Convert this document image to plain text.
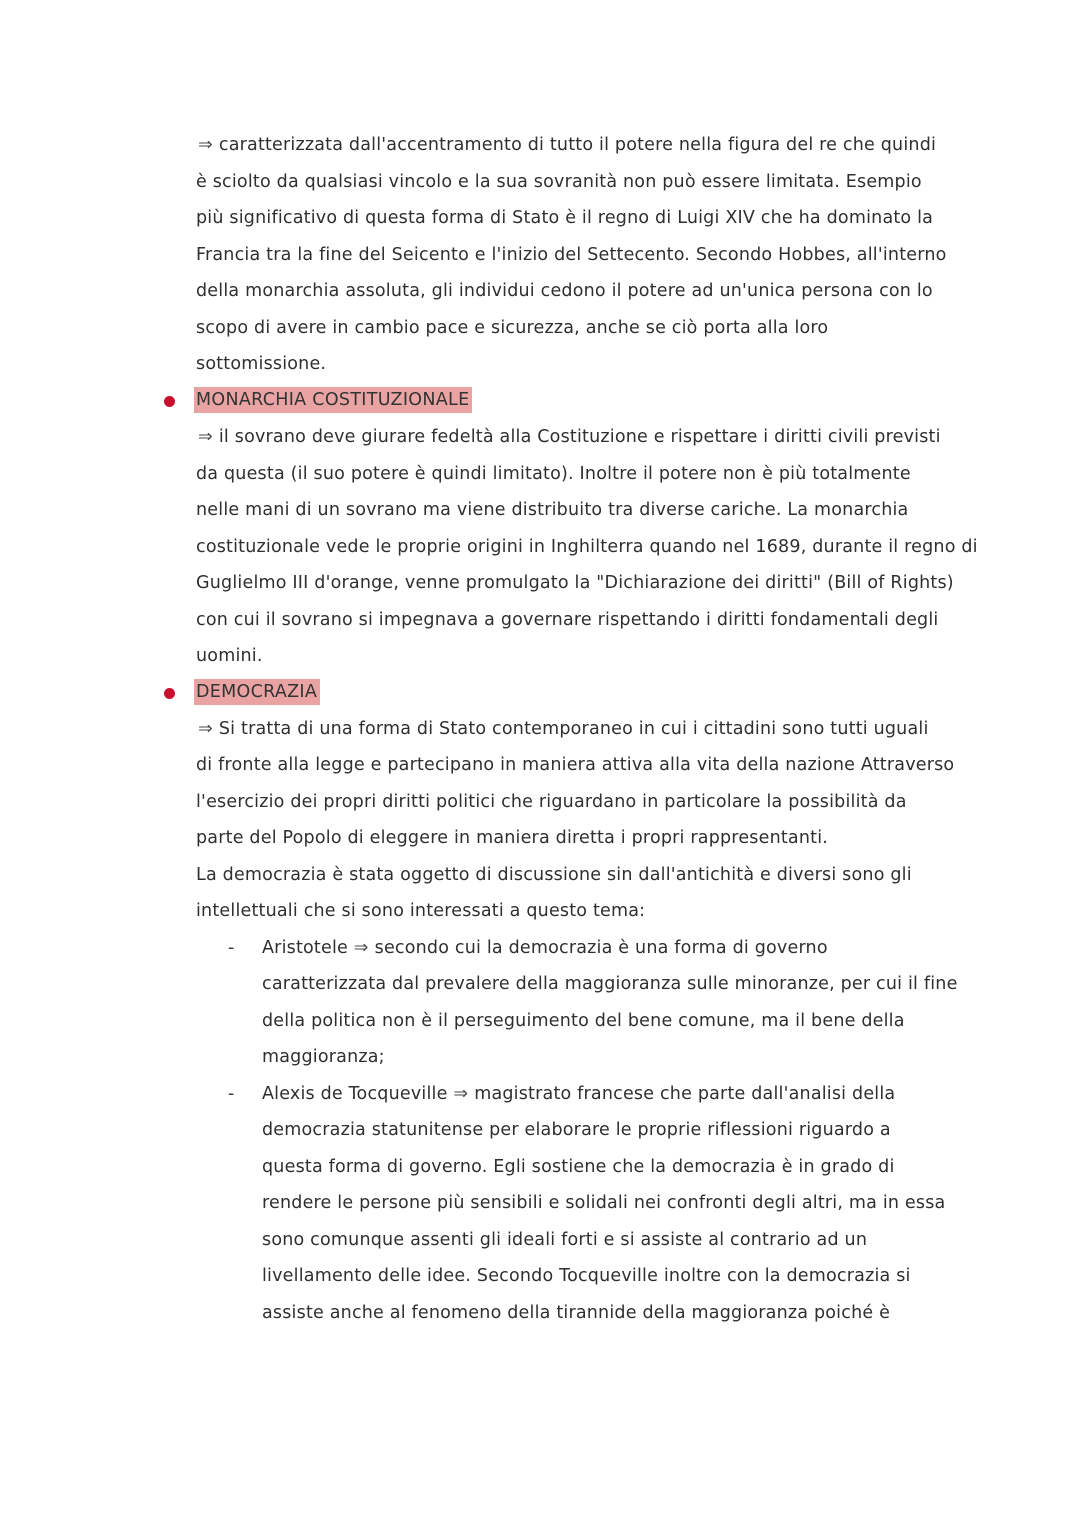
⇒ caratterizzata dall'accentramento di tutto il potere nella figura del re che quindi
è sciolto da qualsiasi vincolo e la sua sovranità non può essere limitata. Esempio
più significativo di questa forma di Stato è il regno di Luigi XIV che ha dominato la
Francia tra la fine del Seicento e l'inizio del Settecento. Secondo Hobbes, all'interno
della monarchia assoluta, gli individui cedono il potere ad un'unica persona con lo
scopo di avere in cambio pace e sicurezza, anche se ciò porta alla loro
sottomissione.
MONARCHIA COSTITUZIONALE
⇒ il sovrano deve giurare fedeltà alla Costituzione e rispettare i diritti civili previsti
da questa (il suo potere è quindi limitato). Inoltre il potere non è più totalmente
nelle mani di un sovrano ma viene distribuito tra diverse cariche. La monarchia
costituzionale vede le proprie origini in Inghilterra quando nel 1689, durante il regno di
Guglielmo III d'orange, venne promulgato la "Dichiarazione dei diritti" (Bill of Rights)
con cui il sovrano si impegnava a governare rispettando i diritti fondamentali degli
uomini.
DEMOCRAZIA
⇒ Si tratta di una forma di Stato contemporaneo in cui i cittadini sono tutti uguali
di fronte alla legge e partecipano in maniera attiva alla vita della nazione Attraverso
l'esercizio dei propri diritti politici che riguardano in particolare la possibilità da
parte del Popolo di eleggere in maniera diretta i propri rappresentanti.
La democrazia è stata oggetto di discussione sin dall'antichità e diversi sono gli
intellettuali che si sono interessati a questo tema:
- Aristotele ⇒ secondo cui la democrazia è una forma di governo
caratterizzata dal prevalere della maggioranza sulle minoranze, per cui il fine
della politica non è il perseguimento del bene comune, ma il bene della
maggioranza;
- Alexis de Tocqueville ⇒ magistrato francese che parte dall'analisi della
democrazia statunitense per elaborare le proprie riflessioni riguardo a
questa forma di governo. Egli sostiene che la democrazia è in grado di
rendere le persone più sensibili e solidali nei confronti degli altri, ma in essa
sono comunque assenti gli ideali forti e si assiste al contrario ad un
livellamento delle idee. Secondo Tocqueville inoltre con la democrazia si
assiste anche al fenomeno della tirannide della maggioranza poiché è
